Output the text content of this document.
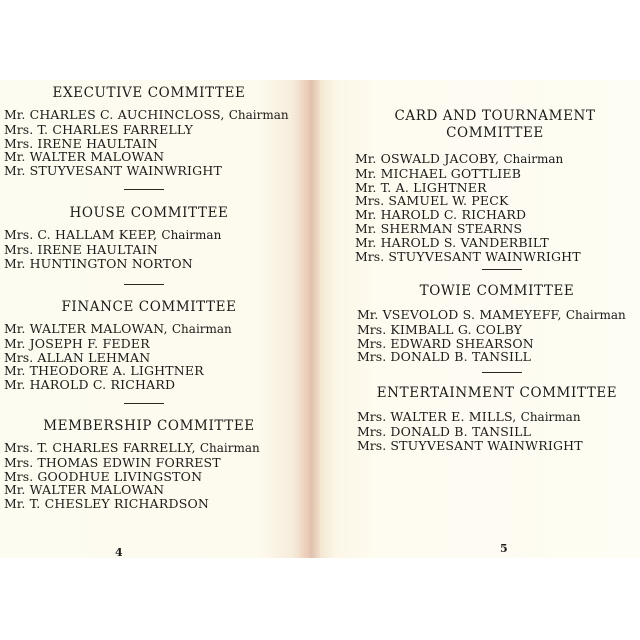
EXECUTIVE COMMITTEE
Mr. CHARLES C. AUCHINCLOSS, Chairman
Mrs. T. CHARLES FARRELLY
Mrs. IRENE HAULTAIN
Mr. WALTER MALOWAN
Mr. STUYVESANT WAINWRIGHT
HOUSE COMMITTEE
Mrs. C. HALLAM KEEP, Chairman
Mrs. IRENE HAULTAIN
Mr. HUNTINGTON NORTON
FINANCE COMMITTEE
Mr. WALTER MALOWAN, Chairman
Mr. JOSEPH F. FEDER
Mrs. ALLAN LEHMAN
Mr. THEODORE A. LIGHTNER
Mr. HAROLD C. RICHARD
MEMBERSHIP COMMITTEE
Mrs. T. CHARLES FARRELLY, Chairman
Mrs. THOMAS EDWIN FORREST
Mrs. GOODHUE LIVINGSTON
Mr. WALTER MALOWAN
Mr. T. CHESLEY RICHARDSON
4
CARD AND TOURNAMENT
COMMITTEE
Mr. OSWALD JACOBY, Chairman
Mr. MICHAEL GOTTLIEB
Mr. T. A. LIGHTNER
Mrs. SAMUEL W. PECK
Mr. HAROLD C. RICHARD
Mr. SHERMAN STEARNS
Mr. HAROLD S. VANDERBILT
Mrs. STUYVESANT WAINWRIGHT
TOWIE COMMITTEE
Mr. VSEVOLOD S. MAMEYEFF, Chairman
Mrs. KIMBALL G. COLBY
Mrs. EDWARD SHEARSON
Mrs. DONALD B. TANSILL
ENTERTAINMENT COMMITTEE
Mrs. WALTER E. MILLS, Chairman
Mrs. DONALD B. TANSILL
Mrs. STUYVESANT WAINWRIGHT
5
